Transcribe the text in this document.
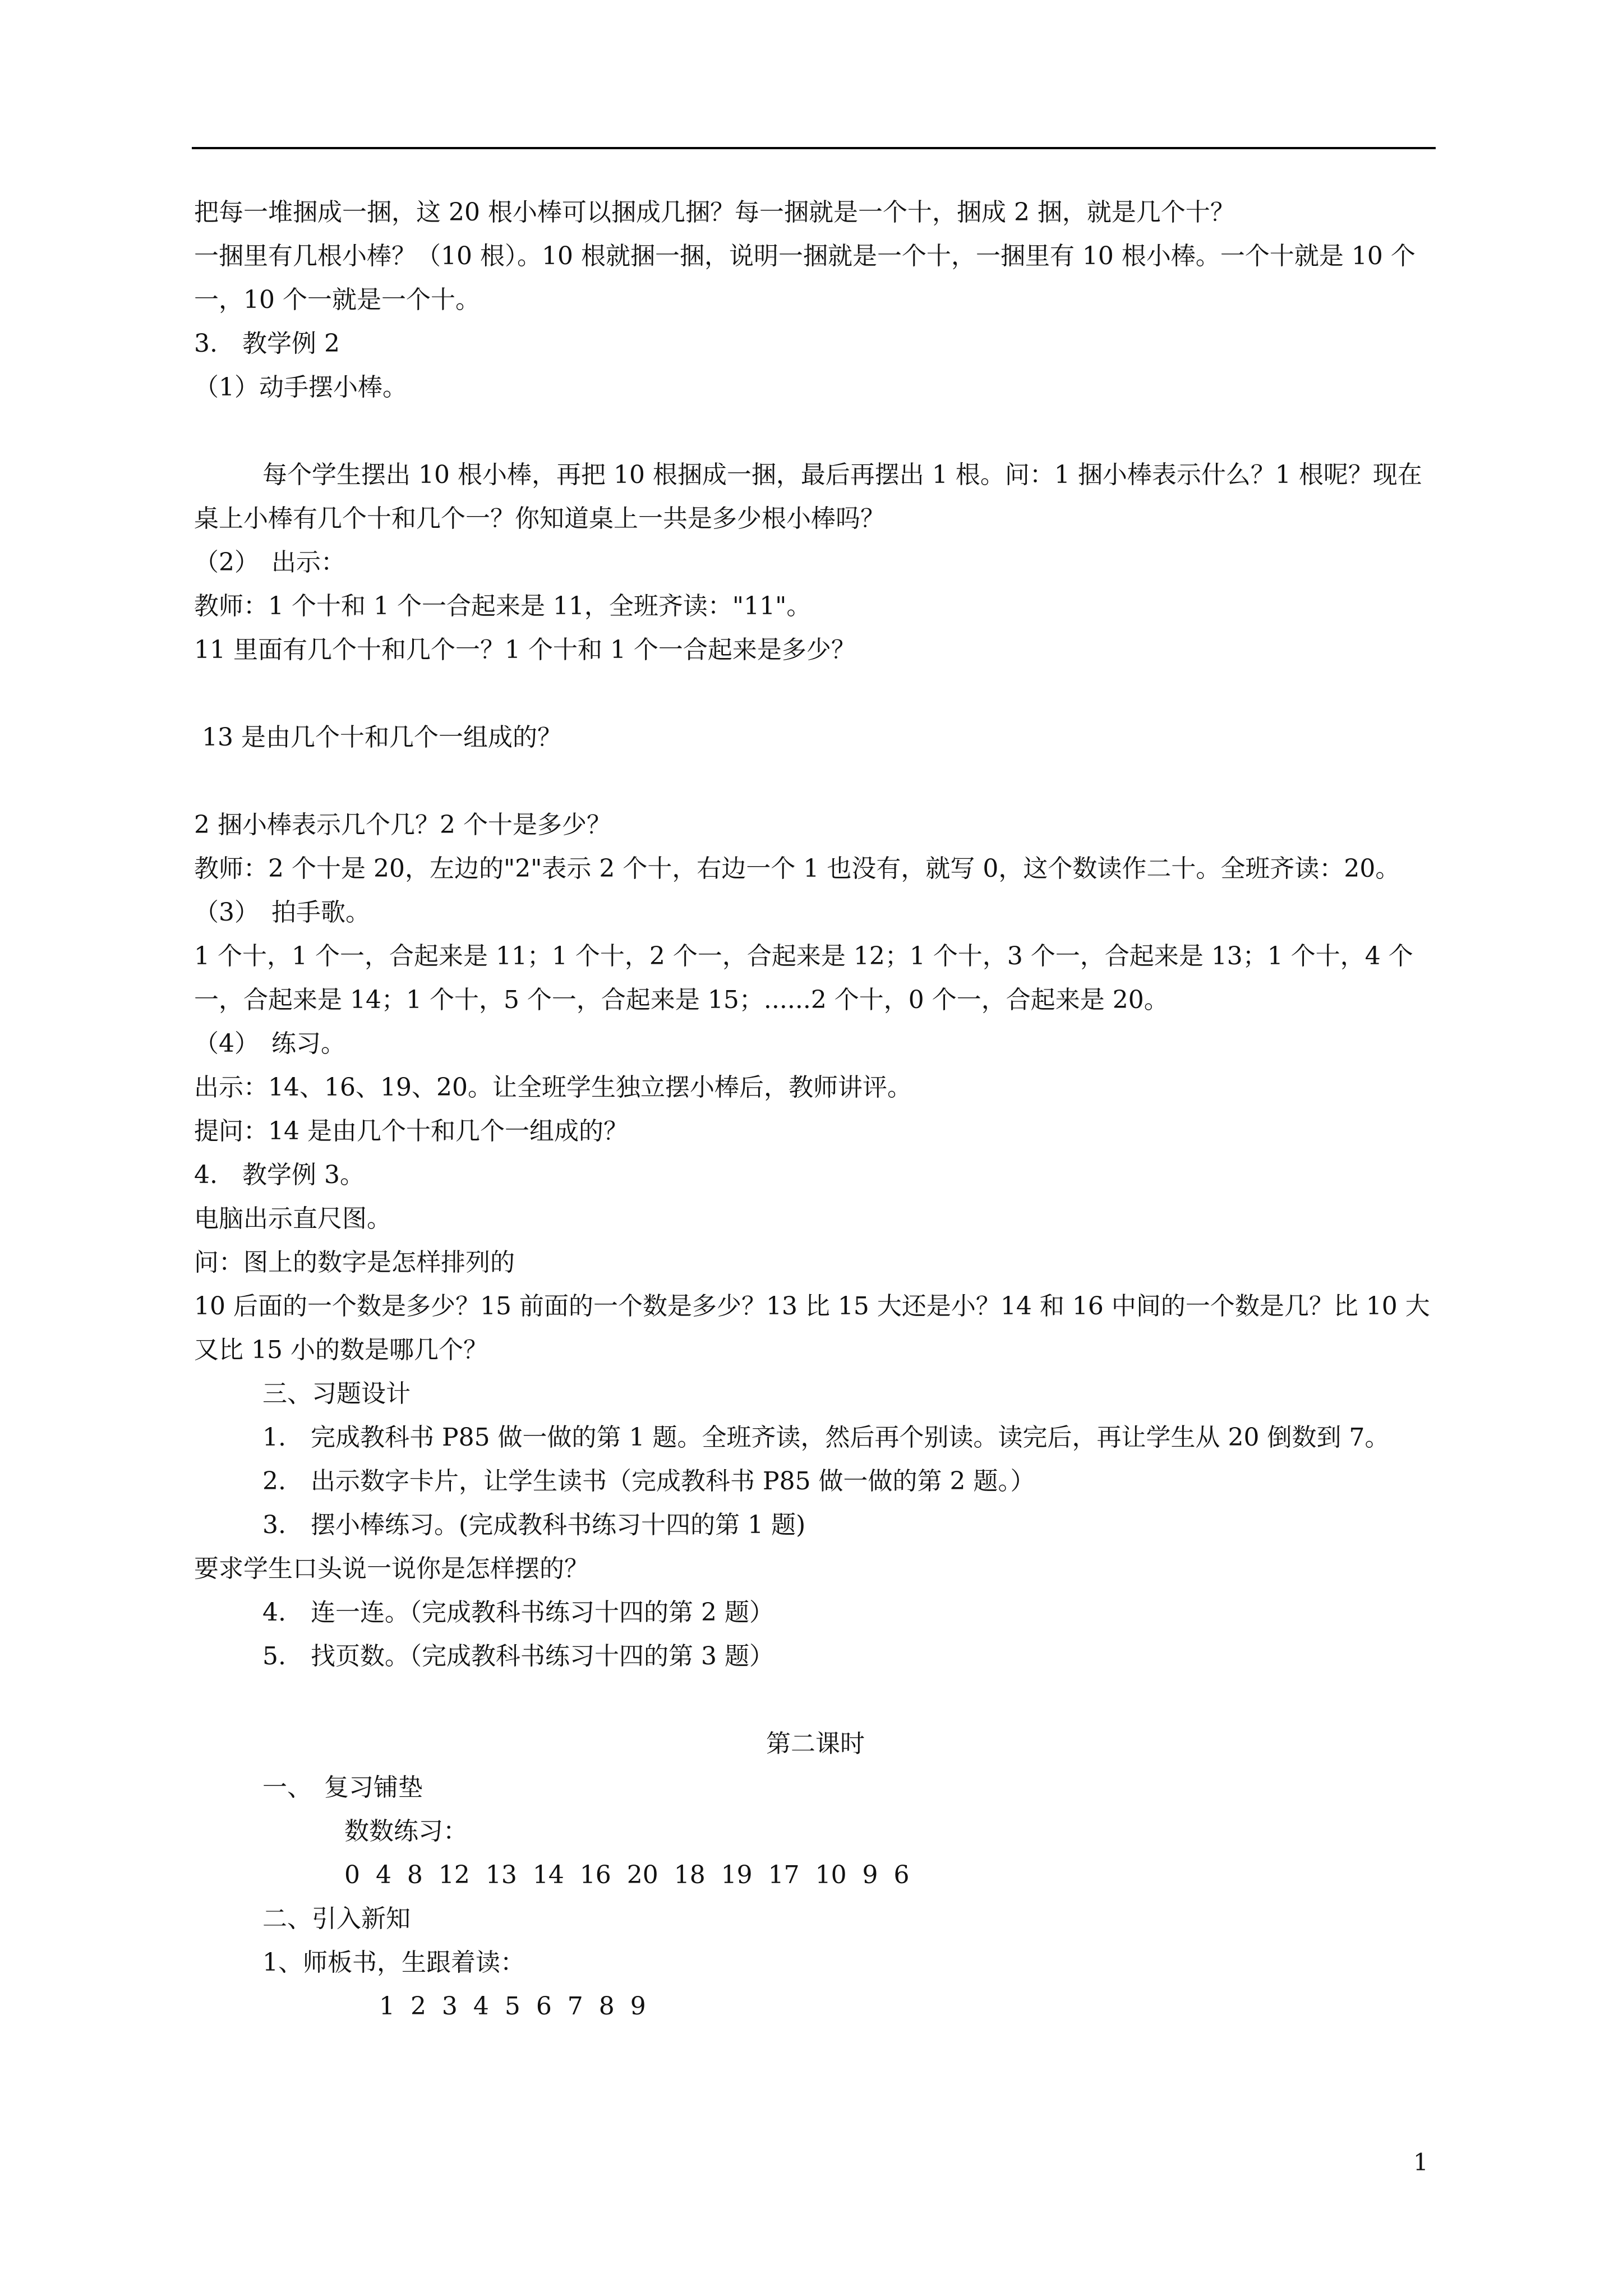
把每一堆捆成一捆，这 20 根小棒可以捆成几捆？每一捆就是一个十，捆成 2 捆，就是几个十？

一捆里有几根小棒？（10 根）。10 根就捆一捆，说明一捆就是一个十，一捆里有 10 根小棒。一个十就是 10 个一，10 个一就是一个十。

3.　教学例 2

（1）动手摆小棒。

每个学生摆出 10 根小棒，再把 10 根捆成一捆，最后再摆出 1 根。问：1 捆小棒表示什么？1 根呢？现在桌上小棒有几个十和几个一？你知道桌上一共是多少根小棒吗？

（2）　出示：

教师：1 个十和 1 个一合起来是 11，全班齐读："11"。

11 里面有几个十和几个一？1 个十和 1 个一合起来是多少？

13 是由几个十和几个一组成的？

2 捆小棒表示几个几？2 个十是多少？

教师：2 个十是 20，左边的"2"表示 2 个十，右边一个 1 也没有，就写 0，这个数读作二十。全班齐读：20。

（3）　拍手歌。

1 个十，1 个一，合起来是 11；1 个十，2 个一，合起来是 12；1 个十，3 个一，合起来是 13；1 个十，4 个一，合起来是 14；1 个十，5 个一，合起来是 15；......2 个十，0 个一，合起来是 20。

（4）　练习。

出示：14、16、19、20。让全班学生独立摆小棒后，教师讲评。

提问：14 是由几个十和几个一组成的？

4.　教学例 3。

电脑出示直尺图。

问：图上的数字是怎样排列的

10 后面的一个数是多少？15 前面的一个数是多少？13 比 15 大还是小？14 和 16 中间的一个数是几？比 10 大又比 15 小的数是哪几个？

三、习题设计

1.　完成教科书 P85 做一做的第 1 题。全班齐读，然后再个别读。读完后，再让学生从 20 倒数到 7。

2.　出示数字卡片，让学生读书（完成教科书 P85 做一做的第 2 题。）

3.　摆小棒练习。(完成教科书练习十四的第 1 题)

要求学生口头说一说你是怎样摆的？

4.　连一连。（完成教科书练习十四的第 2 题）

5.　找页数。（完成教科书练习十四的第 3 题）

第二课时

一、　复习铺垫

数数练习：

0  4  8  12  13  14  16  20  18  19  17  10  9  6

二、引入新知

1、师板书，生跟着读：

1  2  3  4  5  6  7  8  9

1
